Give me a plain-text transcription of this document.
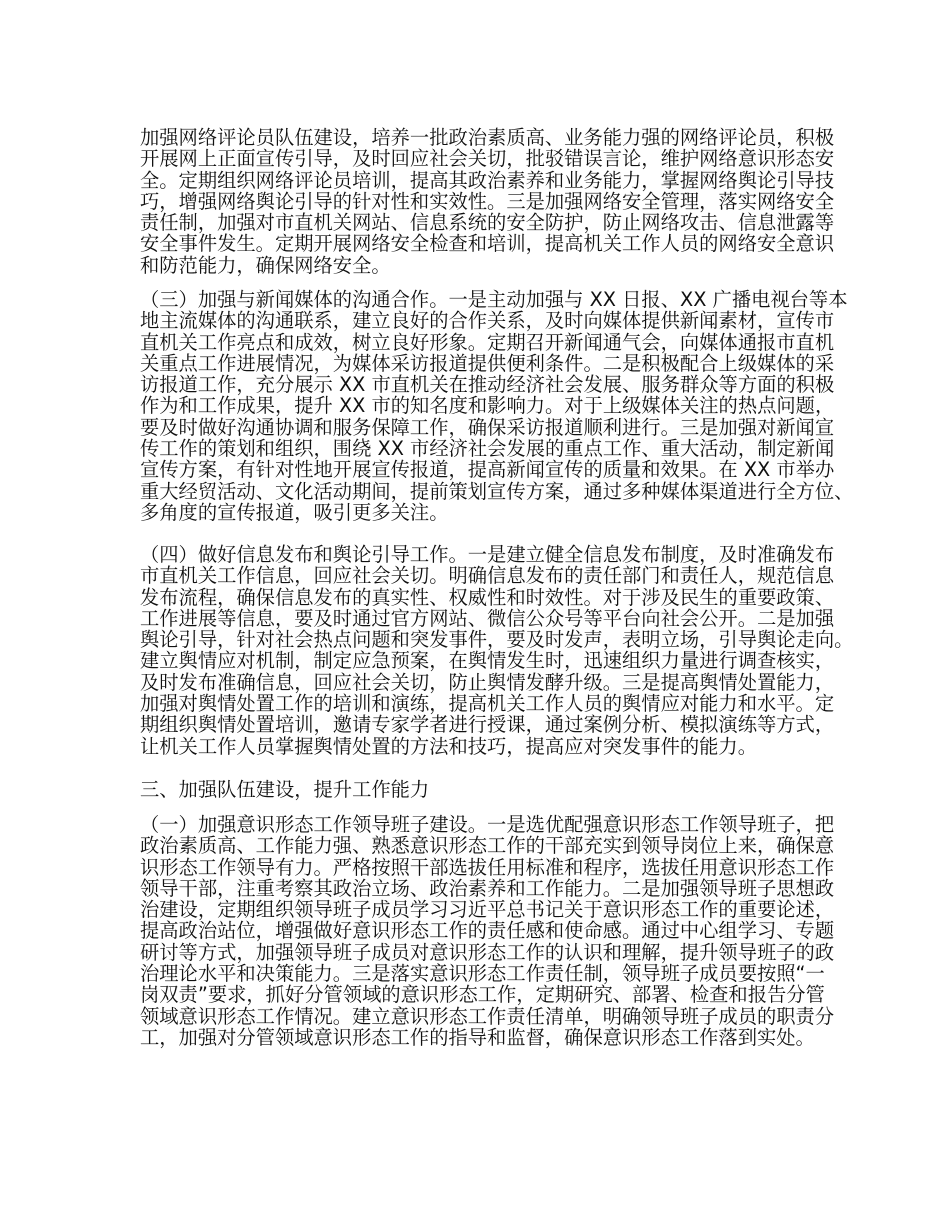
加强网络评论员队伍建设，培养一批政治素质高、业务能力强的网络评论员，积极
开展网上正面宣传引导，及时回应社会关切，批驳错误言论，维护网络意识形态安
全。定期组织网络评论员培训，提高其政治素养和业务能力，掌握网络舆论引导技
巧，增强网络舆论引导的针对性和实效性。三是加强网络安全管理，落实网络安全
责任制，加强对市直机关网站、信息系统的安全防护，防止网络攻击、信息泄露等
安全事件发生。定期开展网络安全检查和培训，提高机关工作人员的网络安全意识
和防范能力，确保网络安全。
（三）加强与新闻媒体的沟通合作。一是主动加强与 XX 日报、XX 广播电视台等本
地主流媒体的沟通联系，建立良好的合作关系，及时向媒体提供新闻素材，宣传市
直机关工作亮点和成效，树立良好形象。定期召开新闻通气会，向媒体通报市直机
关重点工作进展情况，为媒体采访报道提供便利条件。二是积极配合上级媒体的采
访报道工作，充分展示 XX 市直机关在推动经济社会发展、服务群众等方面的积极
作为和工作成果，提升 XX 市的知名度和影响力。对于上级媒体关注的热点问题，
要及时做好沟通协调和服务保障工作，确保采访报道顺利进行。三是加强对新闻宣
传工作的策划和组织，围绕 XX 市经济社会发展的重点工作、重大活动，制定新闻
宣传方案，有针对性地开展宣传报道，提高新闻宣传的质量和效果。在 XX 市举办
重大经贸活动、文化活动期间，提前策划宣传方案，通过多种媒体渠道进行全方位、
多角度的宣传报道，吸引更多关注。
（四）做好信息发布和舆论引导工作。一是建立健全信息发布制度，及时准确发布
市直机关工作信息，回应社会关切。明确信息发布的责任部门和责任人，规范信息
发布流程，确保信息发布的真实性、权威性和时效性。对于涉及民生的重要政策、
工作进展等信息，要及时通过官方网站、微信公众号等平台向社会公开。二是加强
舆论引导，针对社会热点问题和突发事件，要及时发声，表明立场，引导舆论走向。
建立舆情应对机制，制定应急预案，在舆情发生时，迅速组织力量进行调查核实，
及时发布准确信息，回应社会关切，防止舆情发酵升级。三是提高舆情处置能力，
加强对舆情处置工作的培训和演练，提高机关工作人员的舆情应对能力和水平。定
期组织舆情处置培训，邀请专家学者进行授课，通过案例分析、模拟演练等方式，
让机关工作人员掌握舆情处置的方法和技巧，提高应对突发事件的能力。
三、加强队伍建设，提升工作能力
（一）加强意识形态工作领导班子建设。一是选优配强意识形态工作领导班子，把
政治素质高、工作能力强、熟悉意识形态工作的干部充实到领导岗位上来，确保意
识形态工作领导有力。严格按照干部选拔任用标准和程序，选拔任用意识形态工作
领导干部，注重考察其政治立场、政治素养和工作能力。二是加强领导班子思想政
治建设，定期组织领导班子成员学习习近平总书记关于意识形态工作的重要论述，
提高政治站位，增强做好意识形态工作的责任感和使命感。通过中心组学习、专题
研讨等方式，加强领导班子成员对意识形态工作的认识和理解，提升领导班子的政
治理论水平和决策能力。三是落实意识形态工作责任制，领导班子成员要按照“一
岗双责”要求，抓好分管领域的意识形态工作，定期研究、部署、检查和报告分管
领域意识形态工作情况。建立意识形态工作责任清单，明确领导班子成员的职责分
工，加强对分管领域意识形态工作的指导和监督，确保意识形态工作落到实处。
